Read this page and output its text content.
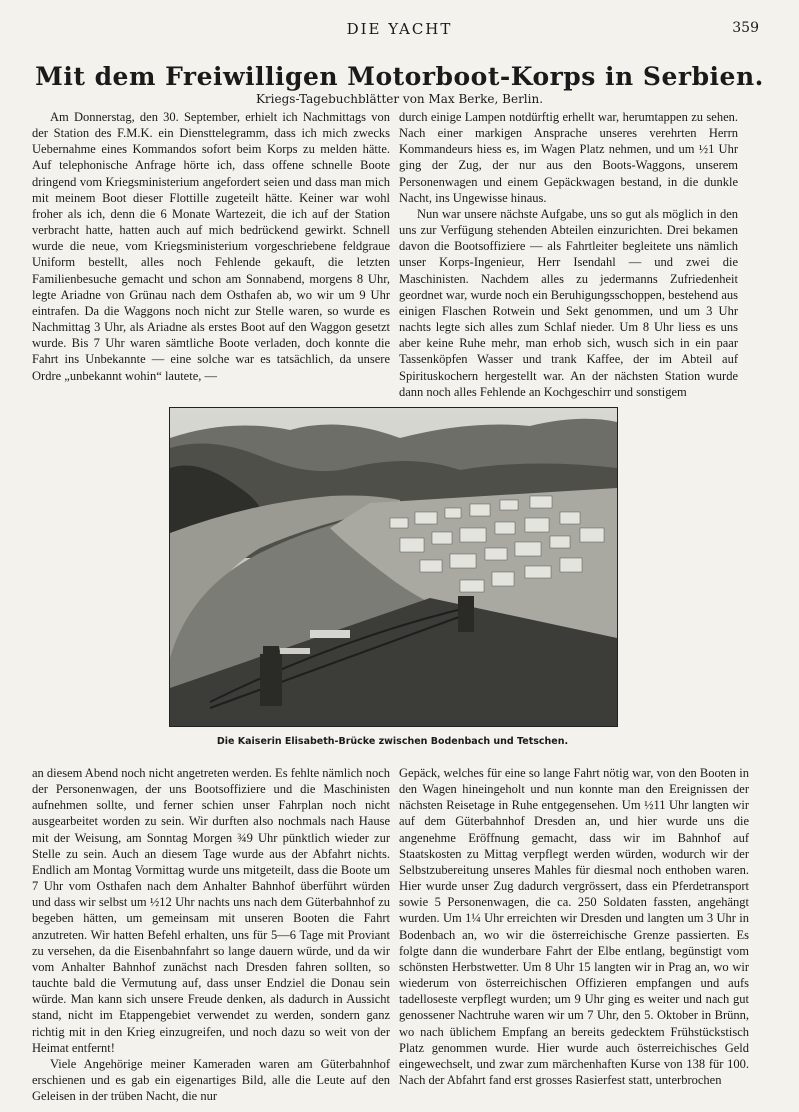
DIE YACHT	359
Mit dem Freiwilligen Motorboot-Korps in Serbien.
Kriegs-Tagebuchblätter von Max Berke, Berlin.

Am Donnerstag, den 30. September, erhielt ich Nachmittags von der Station des F.M.K. ein Diensttelegramm, dass ich mich zwecks Uebernahme eines Kommandos sofort beim Korps zu melden hätte. Auf telephonische Anfrage hörte ich, dass offene schnelle Boote dringend vom Kriegsministerium angefordert seien und dass man mich mit meinem Boot dieser Flottille zugeteilt hätte. Keiner war wohl froher als ich, denn die 6 Monate Wartezeit, die ich auf der Station verbracht hatte, hatten auch auf mich bedrückend gewirkt. Schnell wurde die neue, vom Kriegsministerium vorgeschriebene feldgraue Uniform bestellt, alles noch Fehlende gekauft, die letzten Familienbesuche gemacht und schon am Sonnabend, morgens 8 Uhr, legte Ariadne von Grünau nach dem Osthafen ab, wo wir um 9 Uhr eintrafen. Da die Waggons noch nicht zur Stelle waren, so wurde es Nachmittag 3 Uhr, als Ariadne als erstes Boot auf den Waggon gesetzt wurde. Bis 7 Uhr waren sämtliche Boote verladen, doch konnte die Fahrt ins Unbekannte — eine solche war es tatsächlich, da unsere Ordre „unbekannt wohin“ lautete, —

durch einige Lampen notdürftig erhellt war, herumtappen zu sehen. Nach einer markigen Ansprache unseres verehrten Herrn Kommandeurs hiess es, im Wagen Platz nehmen, und um ½1 Uhr ging der Zug, der nur aus den Boots-Waggons, unserem Personenwagen und einem Gepäckwagen bestand, in die dunkle Nacht, ins Ungewisse hinaus.

Nun war unsere nächste Aufgabe, uns so gut als möglich in den uns zur Verfügung stehenden Abteilen einzurichten. Drei bekamen davon die Bootsoffiziere — als Fahrtleiter begleitete uns nämlich unser Korps-Ingenieur, Herr Isendahl — und zwei die Maschinisten. Nachdem alles zu jedermanns Zufriedenheit geordnet war, wurde noch ein Beruhigungsschoppen, bestehend aus einigen Flaschen Rotwein und Sekt genommen, und um 3 Uhr nachts legte sich alles zum Schlaf nieder. Um 8 Uhr liess es uns aber keine Ruhe mehr, man erhob sich, wusch sich in ein paar Tassenköpfen Wasser und trank Kaffee, der im Abteil auf Spirituskochern hergestellt war. An der nächsten Station wurde dann noch alles Fehlende an Kochgeschirr und sonstigem

Die Kaiserin Elisabeth-Brücke zwischen Bodenbach und Tetschen.

an diesem Abend noch nicht angetreten werden. Es fehlte nämlich noch der Personenwagen, der uns Bootsoffiziere und die Maschinisten aufnehmen sollte, und ferner schien unser Fahrplan noch nicht ausgearbeitet worden zu sein. Wir durften also nochmals nach Hause mit der Weisung, am Sonntag Morgen ¾9 Uhr pünktlich wieder zur Stelle zu sein. Auch an diesem Tage wurde aus der Abfahrt nichts. Endlich am Montag Vormittag wurde uns mitgeteilt, dass die Boote um 7 Uhr vom Osthafen nach dem Anhalter Bahnhof überführt würden und dass wir selbst um ½12 Uhr nachts uns nach dem Güterbahnhof zu begeben hätten, um gemeinsam mit unseren Booten die Fahrt anzutreten. Wir hatten Befehl erhalten, uns für 5—6 Tage mit Proviant zu versehen, da die Eisenbahnfahrt so lange dauern würde, und da wir vom Anhalter Bahnhof zunächst nach Dresden fahren sollten, so tauchte bald die Vermutung auf, dass unser Endziel die Donau sein würde. Man kann sich unsere Freude denken, als dadurch in Aussicht stand, nicht im Etappengebiet verwendet zu werden, sondern ganz richtig mit in den Krieg einzugreifen, und noch dazu so weit von der Heimat entfernt!

Viele Angehörige meiner Kameraden waren am Güterbahnhof erschienen und es gab ein eigenartiges Bild, alle die Leute auf den Geleisen in der trüben Nacht, die nur

Gepäck, welches für eine so lange Fahrt nötig war, von den Booten in den Wagen hineingeholt und nun konnte man den Ereignissen der nächsten Reisetage in Ruhe entgegensehen. Um ½11 Uhr langten wir auf dem Güterbahnhof Dresden an, und hier wurde uns die angenehme Eröffnung gemacht, dass wir im Bahnhof auf Staatskosten zu Mittag verpflegt werden würden, wodurch wir der Selbstzubereitung unseres Mahles für diesmal noch enthoben waren. Hier wurde unser Zug dadurch vergrössert, dass ein Pferdetransport sowie 5 Personenwagen, die ca. 250 Soldaten fassten, angehängt wurden. Um 1¼ Uhr erreichten wir Dresden und langten um 3 Uhr in Bodenbach an, wo wir die österreichische Grenze passierten. Es folgte dann die wunderbare Fahrt der Elbe entlang, begünstigt vom schönsten Herbstwetter. Um 8 Uhr 15 langten wir in Prag an, wo wir wiederum von österreichischen Offizieren empfangen und aufs tadelloseste verpflegt wurden; um 9 Uhr ging es weiter und nach gut genossener Nachtruhe waren wir um 7 Uhr, den 5. Oktober in Brünn, wo nach üblichem Empfang an bereits gedecktem Frühstückstisch Platz genommen wurde. Hier wurde auch österreichisches Geld eingewechselt, und zwar zum märchenhaften Kurse von 138 für 100. Nach der Abfahrt fand erst grosses Rasierfest statt, unterbrochen
